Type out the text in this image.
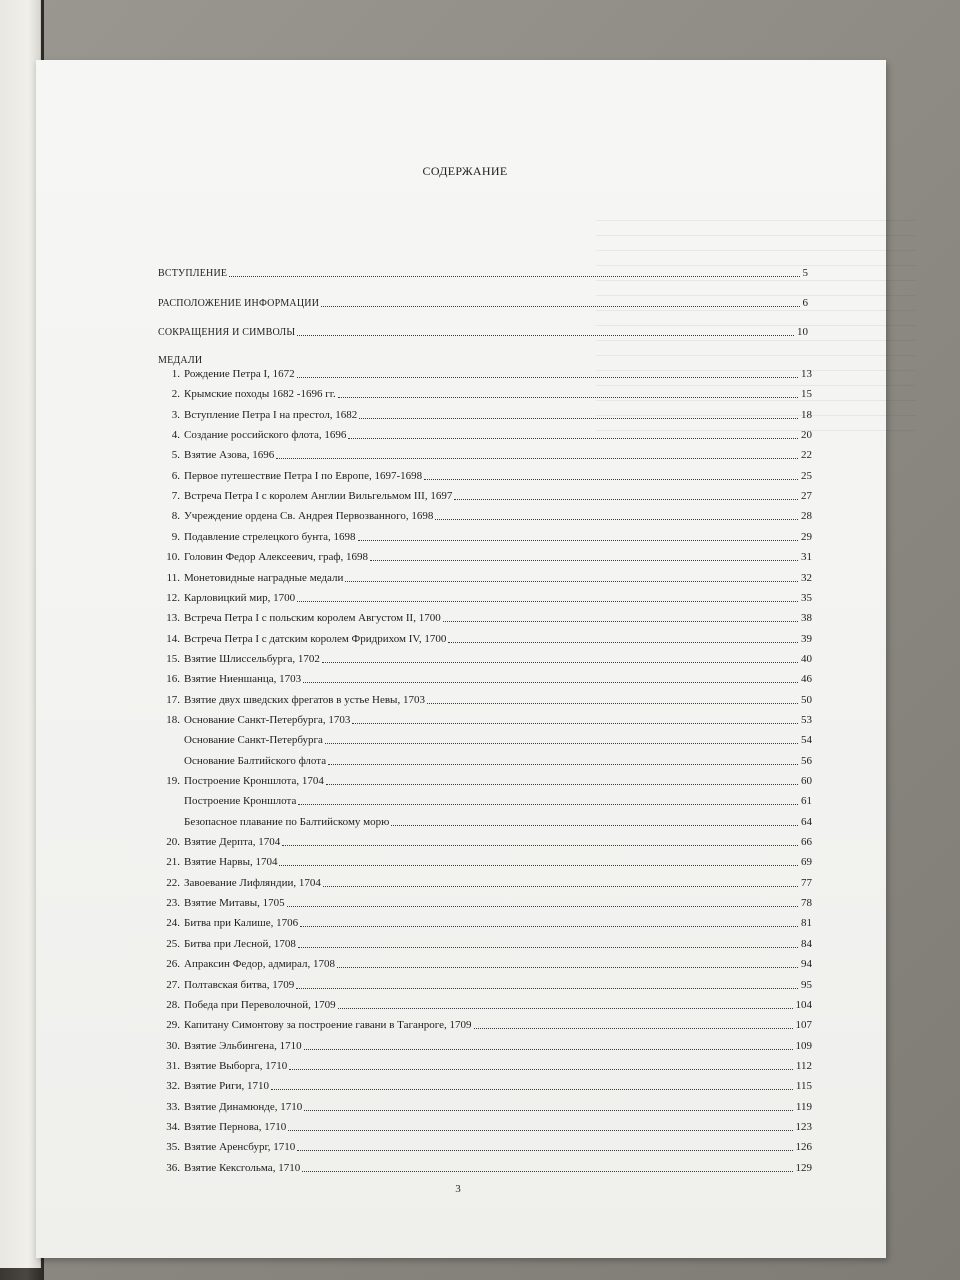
СОДЕРЖАНИЕ
ВСТУПЛЕНИЕ	5
РАСПОЛОЖЕНИЕ ИНФОРМАЦИИ	6
СОКРАЩЕНИЯ И СИМВОЛЫ	10
МЕДАЛИ
1. Рождение Петра I, 1672	13
2. Крымские походы 1682 -1696 гг.	15
3. Вступление Петра I на престол, 1682	18
4. Создание российского флота, 1696	20
5. Взятие Азова, 1696	22
6. Первое путешествие Петра I по Европе, 1697-1698	25
7. Встреча Петра I с королем Англии Вильгельмом III, 1697	27
8. Учреждение ордена Св. Андрея Первозванного, 1698	28
9. Подавление стрелецкого бунта, 1698	29
10. Головин Федор Алексеевич, граф, 1698	31
11. Монетовидные наградные медали	32
12. Карловицкий мир, 1700	35
13. Встреча Петра I с польским королем Августом II, 1700	38
14. Встреча Петра I с датским королем Фридрихом IV, 1700	39
15. Взятие Шлиссельбурга, 1702	40
16. Взятие Ниеншанца, 1703	46
17. Взятие двух шведских фрегатов в устье Невы, 1703	50
18. Основание Санкт-Петербурга, 1703	53
Основание Санкт-Петербурга	54
Основание Балтийского флота	56
19. Построение Кроншлота, 1704	60
Построение Кроншлота	61
Безопасное плавание по Балтийскому морю	64
20. Взятие Дерпта, 1704	66
21. Взятие Нарвы, 1704	69
22. Завоевание Лифляндии, 1704	77
23. Взятие Митавы, 1705	78
24. Битва при Калише, 1706	81
25. Битва при Лесной, 1708	84
26. Апраксин Федор, адмирал, 1708	94
27. Полтавская битва, 1709	95
28. Победа при Переволочной, 1709	104
29. Капитану Симонтову за построение гавани в Таганроге, 1709	107
30. Взятие Эльбингена, 1710	109
31. Взятие Выборга, 1710	112
32. Взятие Риги, 1710	115
33. Взятие Динамюнде, 1710	119
34. Взятие Пернова, 1710	123
35. Взятие Аренсбург, 1710	126
36. Взятие Кексгольма, 1710	129
3
